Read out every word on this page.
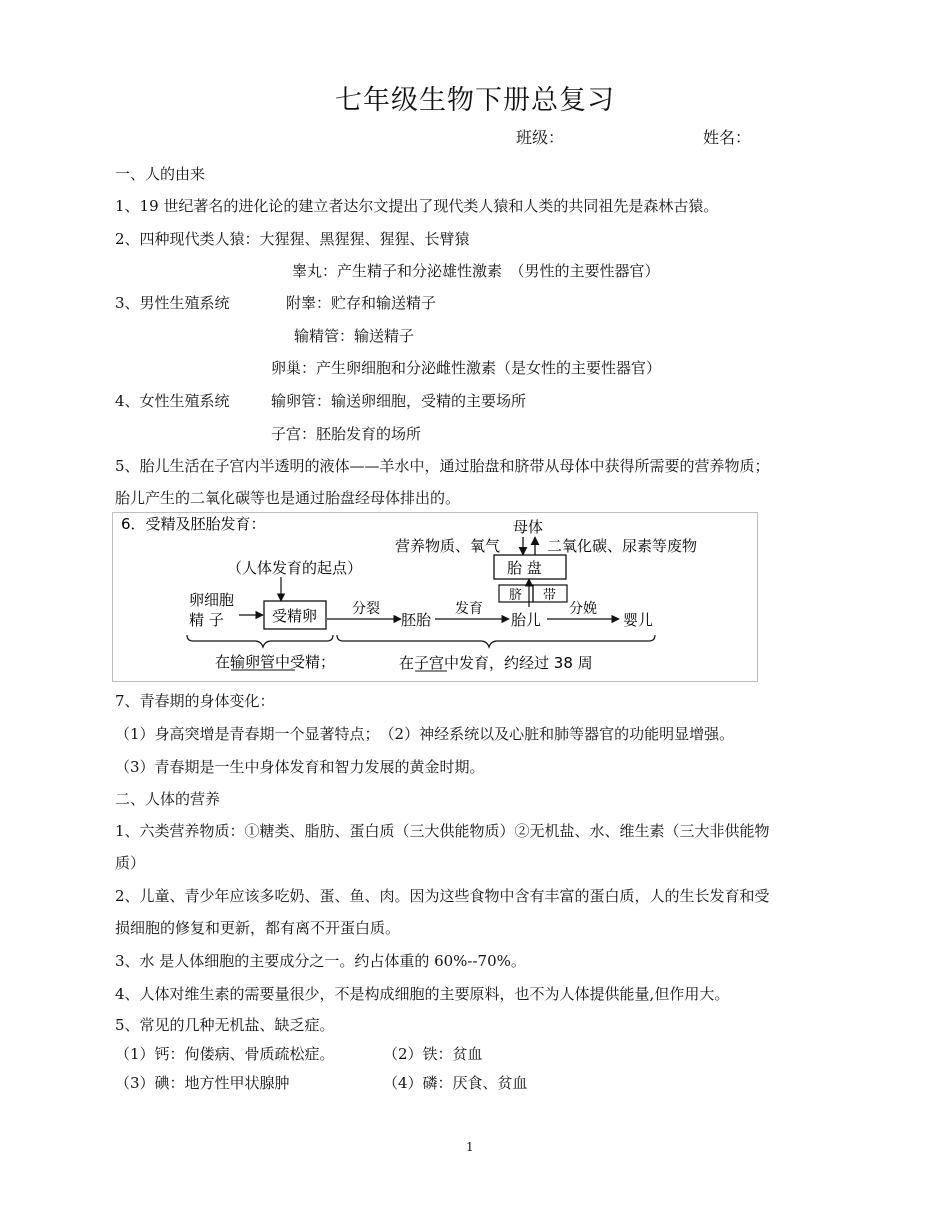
七年级生物下册总复习
班级：	姓名：
一、人的由来
1、19 世纪著名的进化论的建立者达尔文提出了现代类人猿和人类的共同祖先是森林古猿。
2、四种现代类人猿：大猩猩、黑猩猩、猩猩、长臂猿
睾丸：产生精子和分泌雄性激素　（男性的主要性器官）
3、男性生殖系统	附睾：贮存和输送精子
输精管：输送精子
卵巢：产生卵细胞和分泌雌性激素（是女性的主要性器官）
4、女性生殖系统	输卵管：输送卵细胞，受精的主要场所
子宫：胚胎发育的场所
5、胎儿生活在子宫内半透明的液体——羊水中，通过胎盘和脐带从母体中获得所需要的营养物质；
胎儿产生的二氧化碳等也是通过胎盘经母体排出的。
6．受精及胚胎发育：	母体
营养物质、氧气	二氧化碳、尿素等废物
胎 盘
脐 带
（人体发育的起点）
卵细胞
精 子	受精卵 分裂
胚胎
发育
胎儿
分娩
婴儿
在输卵管中受精；	在子宫中发育，约经过 38 周
7、青春期的身体变化：
（1）身高突增是青春期一个显著特点；　（2）神经系统以及心脏和肺等器官的功能明显增强。
（3）青春期是一生中身体发育和智力发展的黄金时期。
二、人体的营养
1、六类营养物质：①糖类、脂肪、蛋白质（三大供能物质）②无机盐、水、维生素（三大非供能物
质）
2、儿童、青少年应该多吃奶、蛋、鱼、肉。因为这些食物中含有丰富的蛋白质，人的生长发育和受
损细胞的修复和更新，都有离不开蛋白质。
3、水 是人体细胞的主要成分之一。约占体重的 60%--70%。
4、人体对维生素的需要量很少，不是构成细胞的主要原料，也不为人体提供能量,但作用大。
5、常见的几种无机盐、缺乏症。
（1）钙：佝偻病、骨质疏松症。	（2）铁：贫血
（3）碘：地方性甲状腺肿	（4）磷：厌食、贫血
1
